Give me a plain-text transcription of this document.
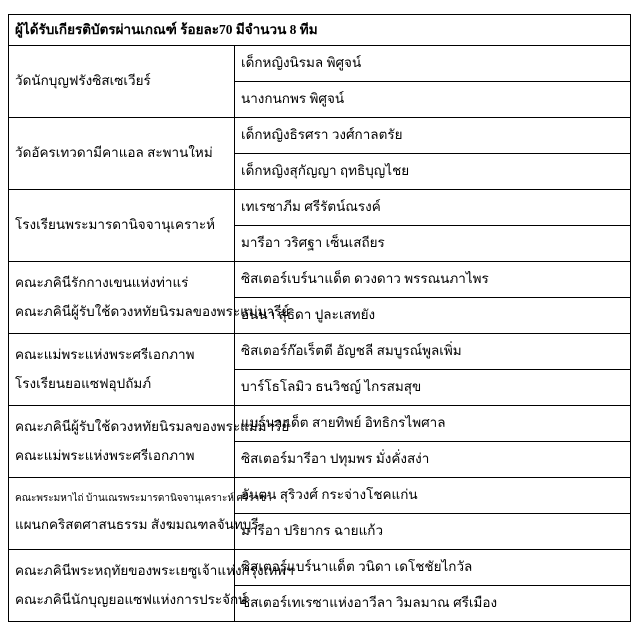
ผู้ได้รับเกียรติบัตรผ่านเกณฑ์ ร้อยละ70 มีจำนวน 8 ทีม	

วัดนักบุญฟรังซิสเซเวียร์	เด็กหญิงนิรมล พิศูจน์
	นางกนกพร พิศูจน์

วัดอัครเทวดามีคาแอล สะพานใหม่	เด็กหญิงธิรศรา วงศ์กาลตรัย
	เด็กหญิงสุกัญญา ฤทธิบุญไชย

โรงเรียนพระมารดานิจจานุเคราะห์	เทเรซาภีม ศรีรัตน์ณรงค์
	มารีอา วริศฐา เซ็นเสถียร

คณะภคินีรักกางเขนแห่งท่าแร่
คณะภคินีผู้รับใช้ดวงหทัยนิรมลของพระแม่มารีย์	ซิสเตอร์เบร์นาแด็ต ดวงดาว พรรณนภาไพร
	อันนา สุธิดา ปูละเสทยัง

คณะแม่พระแห่งพระศรีเอกภาพ
โรงเรียนยอแซฟอุปถัมภ์	ซิสเตอร์ก๊อเร็ตตี อัญชลี สมบูรณ์พูลเพิ่ม
	บาร์โธโลมิว ธนวิชญ์ ไกรสมสุข

คณะภคินีผู้รับใช้ดวงหทัยนิรมลของพระแม่มารีย์
คณะแม่พระแห่งพระศรีเอกภาพ	แบร์นาแด็ต สายทิพย์ อิทธิกรไพศาล
	ซิสเตอร์มารีอา ปทุมพร มั่งคั่งสง่า

คณะพระมหาไถ่ บ้านเณรพระมารดานิจจานุเคราะห์ ศรีราชา
แผนกคริสตศาสนธรรม สังฆมณฑลจันทบุรี	อันตน สุริวงศ์ กระจ่างโชคแก่น
	มารีอา ปริยากร ฉายแก้ว

คณะภคินีพระหฤทัยของพระเยซูเจ้าแห่งกรุงเทพฯ
คณะภคินีนักบุญยอแซฟแห่งการประจักษ์	ซิสเตอร์แบร์นาแด็ต วนิดา เดโชชัยไกวัล
	ซิสเตอร์เทเรซาแห่งอาวีลา วิมลมาณ ศรีเมือง
